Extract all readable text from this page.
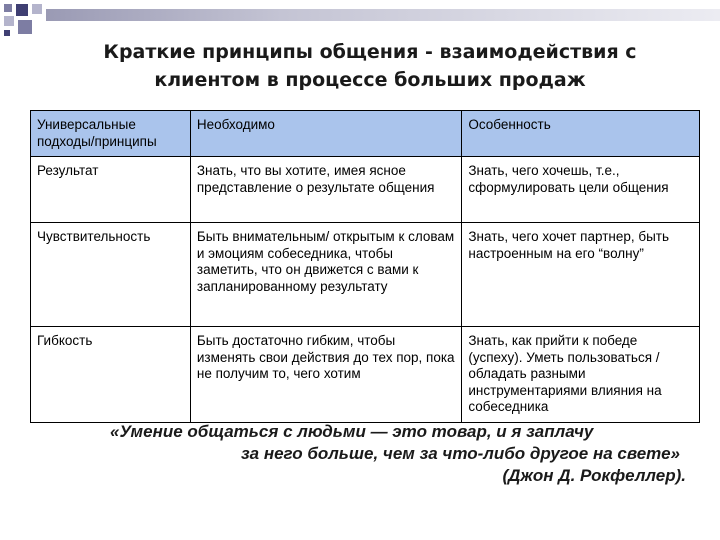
Краткие принципы общения - взаимодействия с клиентом в процессе больших продаж
Универсальные подходы/принципы	Необходимо	Особенность
Результат	Знать, что вы хотите, имея ясное представление о результате общения	Знать, чего хочешь, т.е., сформулировать цели общения
Чувствительность	Быть внимательным/ открытым к словам и эмоциям собеседника, чтобы заметить, что он движется с вами к запланированному результату	Знать, чего хочет партнер, быть настроенным на его “волну”
Гибкость	Быть достаточно гибким, чтобы изменять свои действия до тех пор, пока не получим то, чего хотим	Знать, как прийти к победе (успеху). Уметь пользоваться /обладать разными инструментариями влияния на собеседника
«Умение общаться с людьми — это товар, и я заплачу
за него больше, чем за что-либо другое на свете»
(Джон Д. Рокфеллер).
